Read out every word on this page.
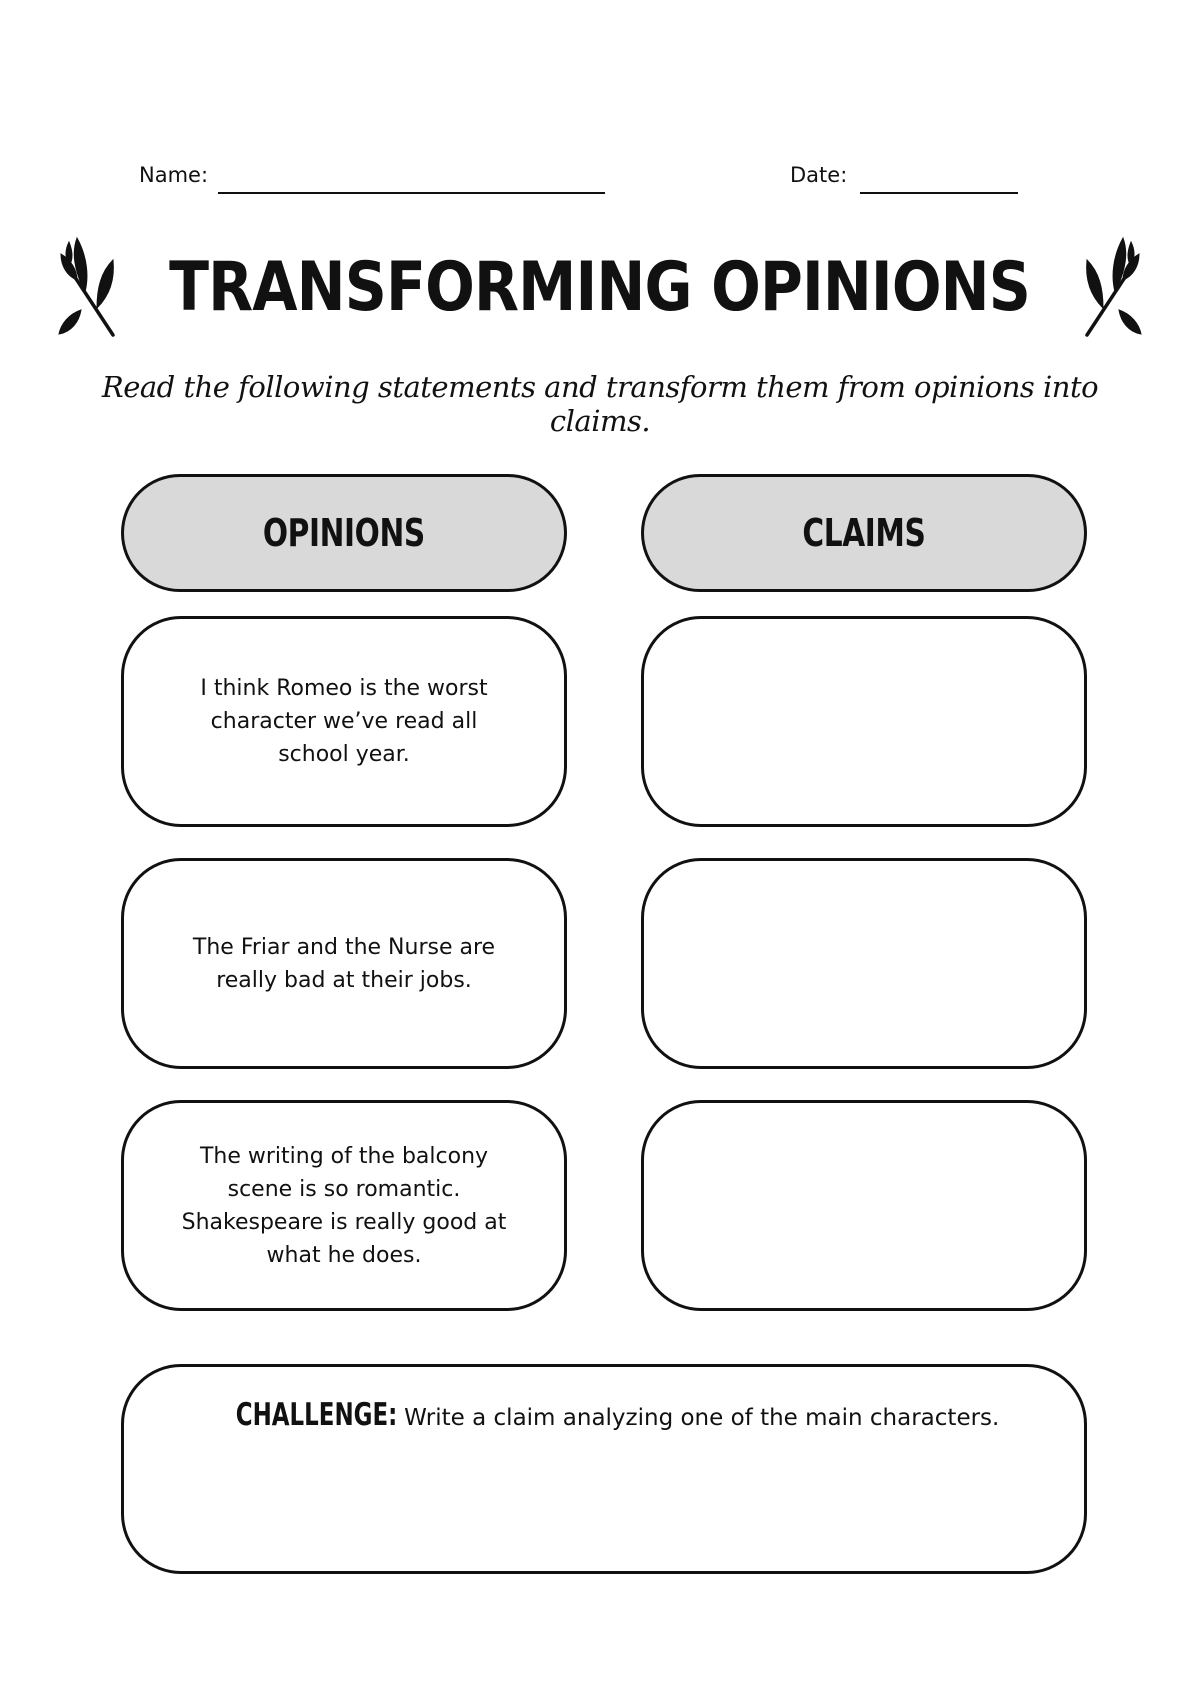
Name:	Date:
TRANSFORMING OPINIONS
Read the following statements and transform them from opinions into claims.
OPINIONS	CLAIMS
I think Romeo is the worst character we’ve read all school year.
The Friar and the Nurse are really bad at their jobs.
The writing of the balcony scene is so romantic. Shakespeare is really good at what he does.
CHALLENGE: Write a claim analyzing one of the main characters.
